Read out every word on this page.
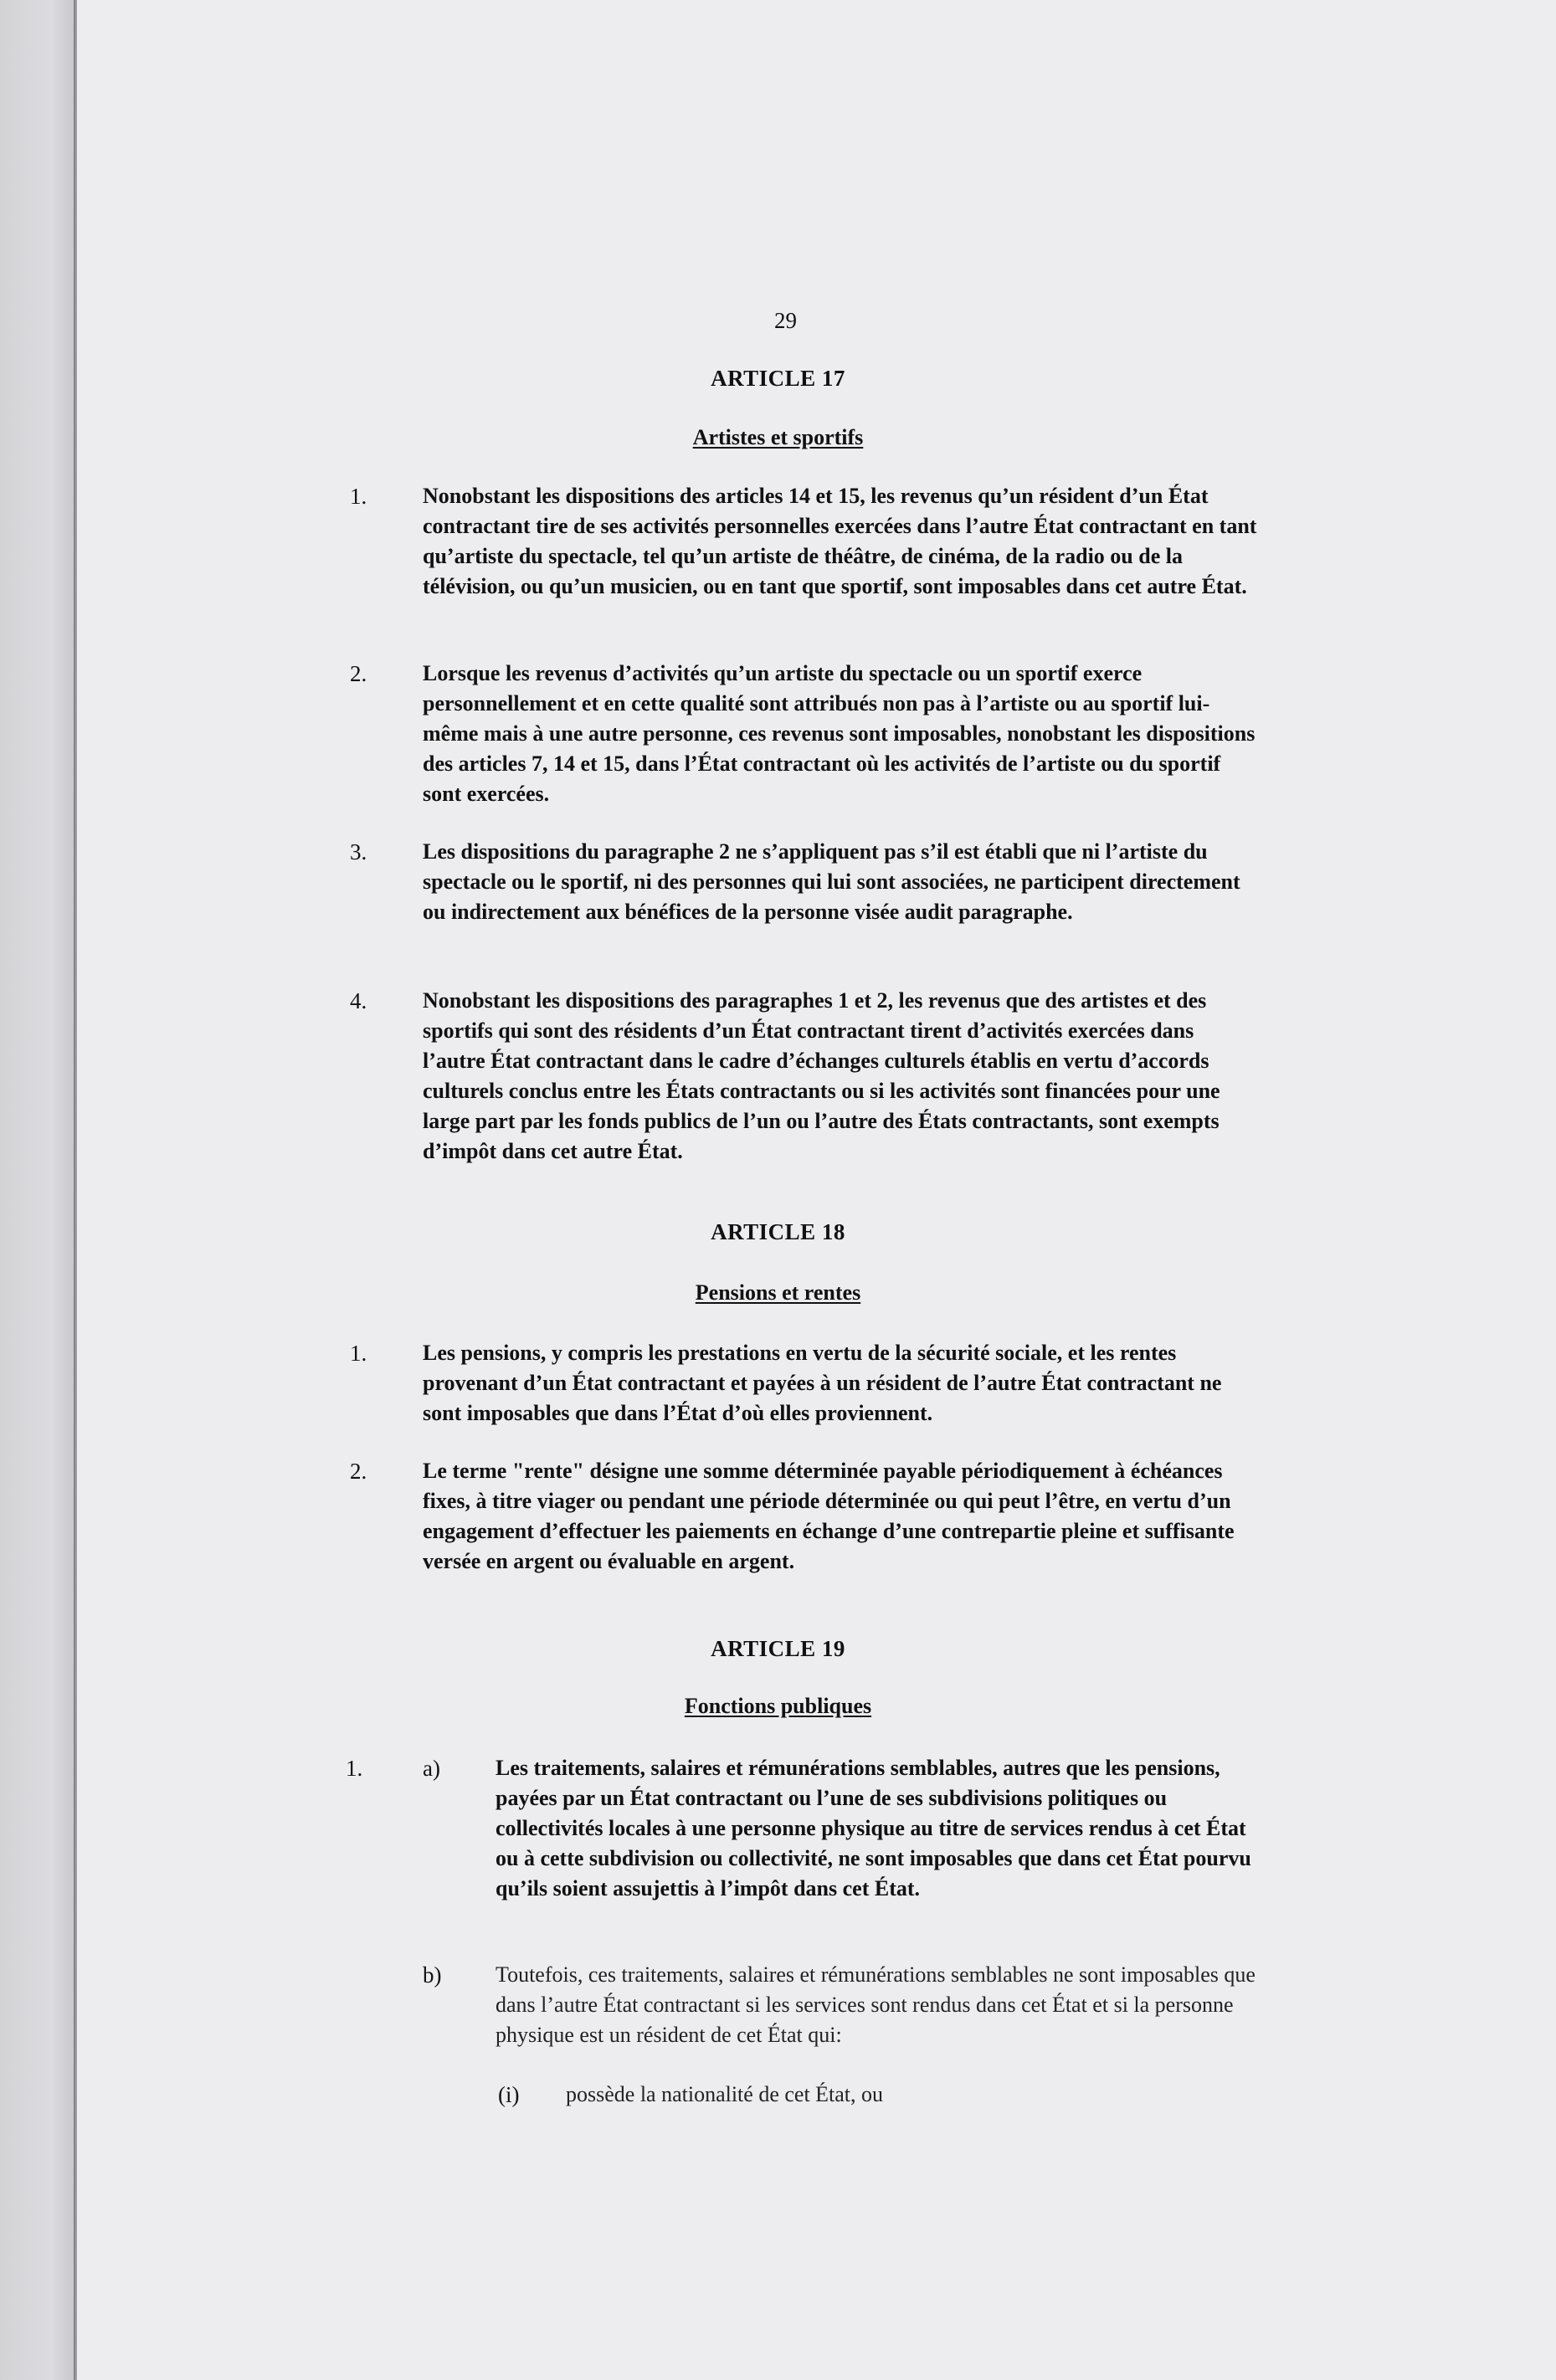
29
ARTICLE 17
Artistes et sportifs
1.	Nonobstant les dispositions des articles 14 et 15, les revenus qu’un résident d’un État contractant tire de ses activités personnelles exercées dans l’autre État contractant en tant qu’artiste du spectacle, tel qu’un artiste de théâtre, de cinéma, de la radio ou de la télévision, ou qu’un musicien, ou en tant que sportif, sont imposables dans cet autre État.

2.	Lorsque les revenus d’activités qu’un artiste du spectacle ou un sportif exerce personnellement et en cette qualité sont attribués non pas à l’artiste ou au sportif lui-même mais à une autre personne, ces revenus sont imposables, nonobstant les dispositions des articles 7, 14 et 15, dans l’État contractant où les activités de l’artiste ou du sportif sont exercées.

3.	Les dispositions du paragraphe 2 ne s’appliquent pas s’il est établi que ni l’artiste du spectacle ou le sportif, ni des personnes qui lui sont associées, ne participent directement ou indirectement aux bénéfices de la personne visée audit paragraphe.

4.	Nonobstant les dispositions des paragraphes 1 et 2, les revenus que des artistes et des sportifs qui sont des résidents d’un État contractant tirent d’activités exercées dans l’autre État contractant dans le cadre d’échanges culturels établis en vertu d’accords culturels conclus entre les États contractants ou si les activités sont financées pour une large part par les fonds publics de l’un ou l’autre des États contractants, sont exempts d’impôt dans cet autre État.

ARTICLE 18
Pensions et rentes
1.	Les pensions, y compris les prestations en vertu de la sécurité sociale, et les rentes provenant d’un État contractant et payées à un résident de l’autre État contractant ne sont imposables que dans l’État d’où elles proviennent.

2.	Le terme "rente" désigne une somme déterminée payable périodiquement à échéances fixes, à titre viager ou pendant une période déterminée ou qui peut l’être, en vertu d’un engagement d’effectuer les paiements en échange d’une contrepartie pleine et suffisante versée en argent ou évaluable en argent.

ARTICLE 19
Fonctions publiques
1.	a)	Les traitements, salaires et rémunérations semblables, autres que les pensions, payées par un État contractant ou l’une de ses subdivisions politiques ou collectivités locales à une personne physique au titre de services rendus à cet État ou à cette subdivision ou collectivité, ne sont imposables que dans cet État pourvu qu’ils soient assujettis à l’impôt dans cet État.

b) Toutefois, ces traitements, salaires et rémunérations semblables ne sont imposables que dans l’autre État contractant si les services sont rendus dans cet État et si la personne physique est un résident de cet État qui:

(i) possède la nationalité de cet État, ou
